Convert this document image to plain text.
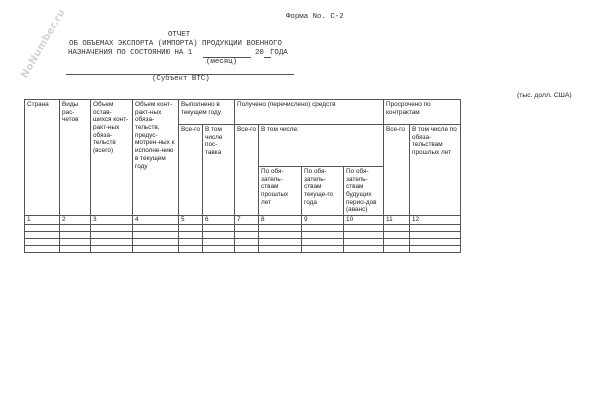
NoNumber.ru	Форма No. С-2
ОТЧЕТ
ОБ ОБЪЕМАХ ЭКСПОРТА (ИМПОРТА) ПРОДУКЦИИ ВОЕННОГО
НАЗНАЧЕНИЯ ПО СОСТОЯНИЮ НА 1	20 ГОДА
(месяц)
(Субъект ВТС)
(тыс. долл. США)
Страна	Виды рас-четов	Объем остав-шихся конт-ракт-ных обяза-тельств (всего)	Объем конт-ракт-ных обяза-тельств, предус-мотрен-ных к исполне-нию в текущем году	Выполнено в текущем году		Получено (перечислено) средств				Просрочено по контрактам	
				Все-го	В том числе пос-тавка	Все-го	В том числе:			Все-го	В том числе по обяза-тельствам прошлых лет
							По обя-затель-ствам прошлых лет	По обя-затель-ствам текуще-го года	По обя-затель-ствам будущих перио-дов (аванс)		
1	2	3	4	5	6	7	8	9	10	11	12
